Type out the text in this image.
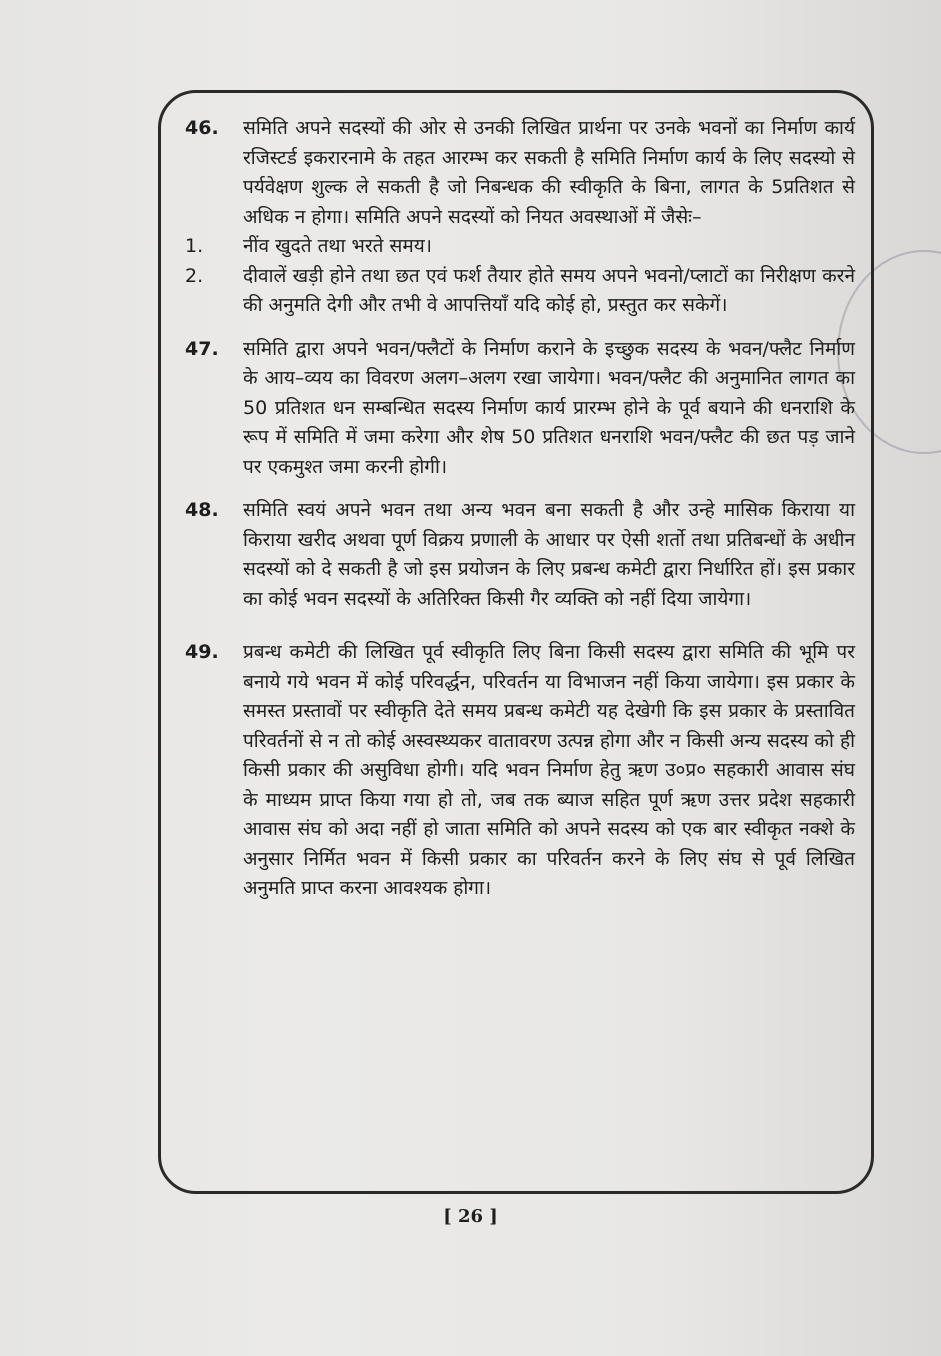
46. समिति अपने सदस्यों की ओर से उनकी लिखित प्रार्थना पर उनके भवनों का निर्माण कार्य रजिस्टर्ड इकरारनामे के तहत आरम्भ कर सकती है समिति निर्माण कार्य के लिए सदस्यो से पर्यवेक्षण शुल्क ले सकती है जो निबन्धक की स्वीकृति के बिना, लागत के 5प्रतिशत से अधिक न होगा। समिति अपने सदस्यों को नियत अवस्थाओं में जैसेः–
1. नींव खुदते तथा भरते समय।
2. दीवालें खड़ी होने तथा छत एवं फर्श तैयार होते समय अपने भवनो/प्लाटों का निरीक्षण करने की अनुमति देगी और तभी वे आपत्तियाँ यदि कोई हो, प्रस्तुत कर सकेगें।
47. समिति द्वारा अपने भवन/फ्लैटों के निर्माण कराने के इच्छुक सदस्य के भवन/फ्लैट निर्माण के आय–व्यय का विवरण अलग–अलग रखा जायेगा। भवन/फ्लैट की अनुमानित लागत का 50 प्रतिशत धन सम्बन्धित सदस्य निर्माण कार्य प्रारम्भ होने के पूर्व बयाने की धनराशि के रूप में समिति में जमा करेगा और शेष 50 प्रतिशत धनराशि भवन/फ्लैट की छत पड़ जाने पर एकमुश्त जमा करनी होगी।
48. समिति स्वयं अपने भवन तथा अन्य भवन बना सकती है और उन्हे मासिक किराया या किराया खरीद अथवा पूर्ण विक्रय प्रणाली के आधार पर ऐसी शर्तो तथा प्रतिबन्धों के अधीन सदस्यों को दे सकती है जो इस प्रयोजन के लिए प्रबन्ध कमेटी द्वारा निर्धारित हों। इस प्रकार का कोई भवन सदस्यों के अतिरिक्त किसी गैर व्यक्ति को नहीं दिया जायेगा।
49. प्रबन्ध कमेटी की लिखित पूर्व स्वीकृति लिए बिना किसी सदस्य द्वारा समिति की भूमि पर बनाये गये भवन में कोई परिवर्द्धन, परिवर्तन या विभाजन नहीं किया जायेगा। इस प्रकार के समस्त प्रस्तावों पर स्वीकृति देते समय प्रबन्ध कमेटी यह देखेगी कि इस प्रकार के प्रस्तावित परिवर्तनों से न तो कोई अस्वस्थ्यकर वातावरण उत्पन्न होगा और न किसी अन्य सदस्य को ही किसी प्रकार की असुविधा होगी। यदि भवन निर्माण हेतु ऋण उ०प्र० सहकारी आवास संघ के माध्यम प्राप्त किया गया हो तो, जब तक ब्याज सहित पूर्ण ऋण उत्तर प्रदेश सहकारी आवास संघ को अदा नहीं हो जाता समिति को अपने सदस्य को एक बार स्वीकृत नक्शे के अनुसार निर्मित भवन में किसी प्रकार का परिवर्तन करने के लिए संघ से पूर्व लिखित अनुमति प्राप्त करना आवश्यक होगा।
[ 26 ]
